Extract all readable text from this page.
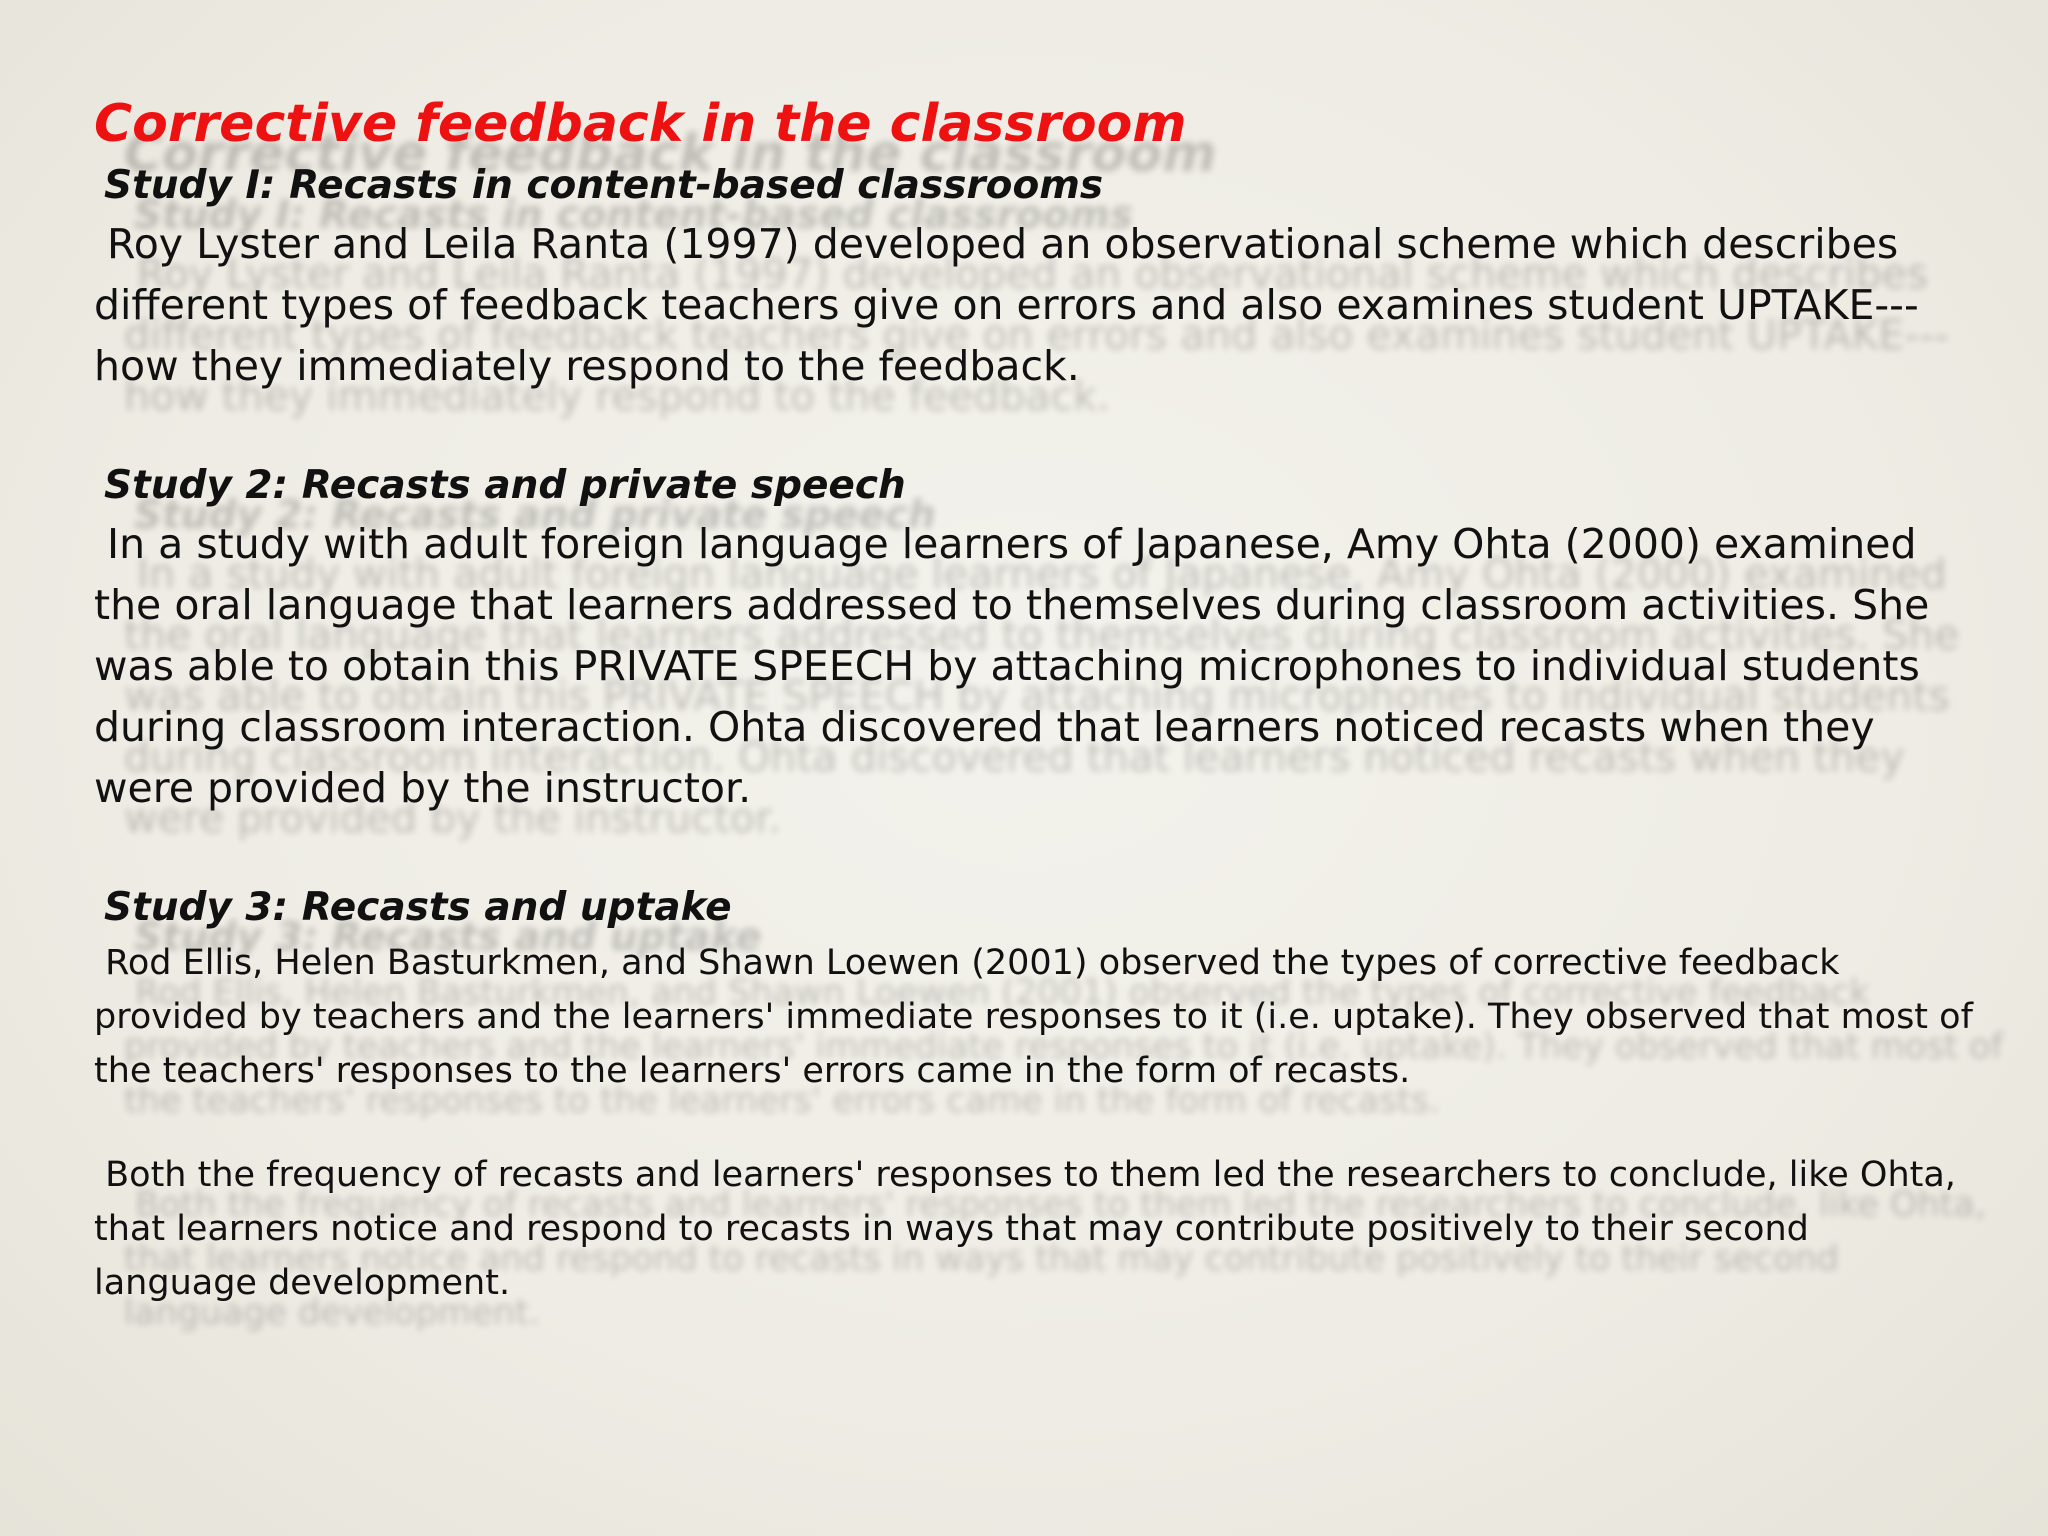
Corrective feedback in the classroom
Study I: Recasts in content-based classrooms

Roy Lyster and Leila Ranta (1997) developed an observational scheme which describes different types of feedback teachers give on errors and also examines student UPTAKE---how they immediately respond to the feedback.

Study 2: Recasts and private speech

In a study with adult foreign language learners of Japanese, Amy Ohta (2000) examined the oral language that learners addressed to themselves during classroom activities. She was able to obtain this PRIVATE SPEECH by attaching microphones to individual students during classroom interaction. Ohta discovered that learners noticed recasts when they were provided by the instructor.

Study 3: Recasts and uptake

Rod Ellis, Helen Basturkmen, and Shawn Loewen (2001) observed the types of corrective feedback provided by teachers and the learners' immediate responses to it (i.e. uptake). They observed that most of the teachers' responses to the learners' errors came in the form of recasts.

Both the frequency of recasts and learners' responses to them led the researchers to conclude, like Ohta, that learners notice and respond to recasts in ways that may contribute positively to their second language development.
